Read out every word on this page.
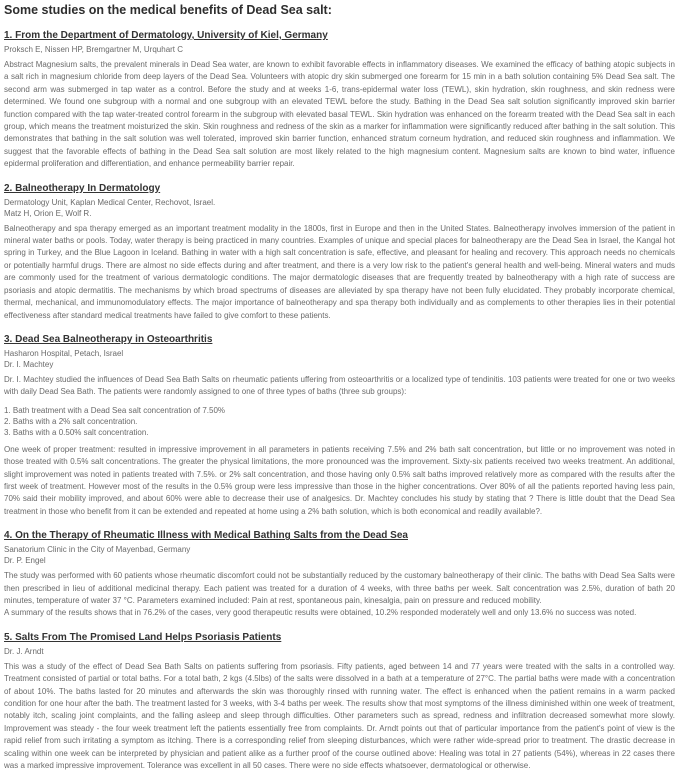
Some studies on the medical benefits of Dead Sea salt:
1. From the Department of Dermatology, University of Kiel, Germany

Proksch E, Nissen HP, Bremgartner M, Urquhart C

Abstract Magnesium salts, the prevalent minerals in Dead Sea water, are known to exhibit favorable effects in inflammatory diseases. We examined the efficacy of bathing atopic subjects in a salt rich in magnesium chloride from deep layers of the Dead Sea. Volunteers with atopic dry skin submerged one forearm for 15 min in a bath solution containing 5% Dead Sea salt. The second arm was submerged in tap water as a control. Before the study and at weeks 1-6, trans-epidermal water loss (TEWL), skin hydration, skin roughness, and skin redness were determined. We found one subgroup with a normal and one subgroup with an elevated TEWL before the study. Bathing in the Dead Sea salt solution significantly improved skin barrier function compared with the tap water-treated control forearm in the subgroup with elevated basal TEWL. Skin hydration was enhanced on the forearm treated with the Dead Sea salt in each group, which means the treatment moisturized the skin. Skin roughness and redness of the skin as a marker for inflammation were significantly reduced after bathing in the salt solution. This demonstrates that bathing in the salt solution was well tolerated, improved skin barrier function, enhanced stratum corneum hydration, and reduced skin roughness and inflammation. We suggest that the favorable effects of bathing in the Dead Sea salt solution are most likely related to the high magnesium content. Magnesium salts are known to bind water, influence epidermal proliferation and differentiation, and enhance permeability barrier repair.

2. Balneotherapy In Dermatology

Dermatology Unit, Kaplan Medical Center, Rechovot, Israel.

Matz H, Orion E, Wolf R.

Balneotherapy and spa therapy emerged as an important treatment modality in the 1800s, first in Europe and then in the United States. Balneotherapy involves immersion of the patient in mineral water baths or pools. Today, water therapy is being practiced in many countries. Examples of unique and special places for balneotherapy are the Dead Sea in Israel, the Kangal hot spring in Turkey, and the Blue Lagoon in Iceland. Bathing in water with a high salt concentration is safe, effective, and pleasant for healing and recovery. This approach needs no chemicals or potentially harmful drugs. There are almost no side effects during and after treatment, and there is a very low risk to the patient's general health and well-being. Mineral waters and muds are commonly used for the treatment of various dermatologic conditions. The major dermatologic diseases that are frequently treated by balneotherapy with a high rate of success are psoriasis and atopic dermatitis. The mechanisms by which broad spectrums of diseases are alleviated by spa therapy have not been fully elucidated. They probably incorporate chemical, thermal, mechanical, and immunomodulatory effects. The major importance of balneotherapy and spa therapy both individually and as complements to other therapies lies in their potential effectiveness after standard medical treatments have failed to give comfort to these patients.

3. Dead Sea Balneotherapy in Osteoarthritis

Hasharon Hospital, Petach, Israel

Dr. I. Machtey

Dr. I. Machtey studied the influences of Dead Sea Bath Salts on rheumatic patients uffering from osteoarthritis or a localized type of tendinitis. 103 patients were treated for one or two weeks with daily Dead Sea Bath. The patients were randomly assigned to one of three types of baths (three sub groups):

1. Bath treatment with a Dead Sea salt concentration of 7.50%

2. Baths with a 2% salt concentration.

3. Baths with a 0.50% salt concentration.

One week of proper treatment: resulted in impressive improvement in all parameters in patients receiving 7.5% and 2% bath salt concentration, but little or no improvement was noted in those treated with 0.5% salt concentrations. The greater the physical limitations, the more pronounced was the improvement. Sixty-six patients received two weeks treatment. An additional, slight improvement was noted in patients treated with 7.5%. or 2% salt concentration, and those having only 0.5% salt baths improved relatively more as compared with the results after the first week of treatment. However most of the results in the 0.5% group were less impressive than those in the higher concentrations. Over 80% of all the patients reported having less pain, 70% said their mobility improved, and about 60% were able to decrease their use of analgesics. Dr. Machtey concludes his study by stating that ? There is little doubt that the Dead Sea treatment in those who benefit from it can be extended and repeated at home using a 2% bath solution, which is both economical and readily available?.

4. On the Therapy of Rheumatic Illness with Medical Bathing Salts from the Dead Sea

Sanatorium Clinic in the City of Mayenbad, Germany

Dr. P. Engel

The study was performed with 60 patients whose rheumatic discomfort could not be substantially reduced by the customary balneotherapy of their clinic. The baths with Dead Sea Salts were then prescribed in lieu of additional medicinal therapy. Each patient was treated for a duration of 4 weeks, with three baths per week. Salt concentration was 2.5%, duration of bath 20 minutes, temperature of water 37 °C. Parameters examined included: Pain at rest, spontaneous pain, kinesalgia, pain on pressure and reduced mobility.

A summary of the results shows that in 76.2% of the cases, very good therapeutic results were obtained, 10.2% responded moderately well and only 13.6% no success was noted.

5. Salts From The Promised Land Helps Psoriasis Patients

Dr. J. Arndt

This was a study of the effect of Dead Sea Bath Salts on patients suffering from psoriasis. Fifty patients, aged between 14 and 77 years were treated with the salts in a controlled way. Treatment consisted of partial or total baths. For a total bath, 2 kgs (4.5lbs) of the salts were dissolved in a bath at a temperature of 27°C. The partial baths were made with a concentration of about 10%. The baths lasted for 20 minutes and afterwards the skin was thoroughly rinsed with running water. The effect is enhanced when the patient remains in a warm packed condition for one hour after the bath. The treatment lasted for 3 weeks, with 3-4 baths per week. The results show that most symptoms of the illness diminished within one week of treatment, notably itch, scaling joint complaints, and the falling asleep and sleep through difficulties. Other parameters such as spread, redness and infiltration decreased somewhat more slowly. Improvement was steady - the four week treatment left the patients essentially free from complaints. Dr. Arndt points out that of particular importance from the patient's point of view is the rapid relief from such irritating a symptom as itching. There is a corresponding relief from sleeping disturbances, which were rather wide-spread prior to treatment. The drastic decrease in scaling within one week can be interpreted by physician and patient alike as a further proof of the course outlined above: Healing was total in 27 patients (54%), whereas in 22 cases there was a marked impressive improvement. Tolerance was excellent in all 50 cases. There were no side effects whatsoever, dermatological or otherwise.
